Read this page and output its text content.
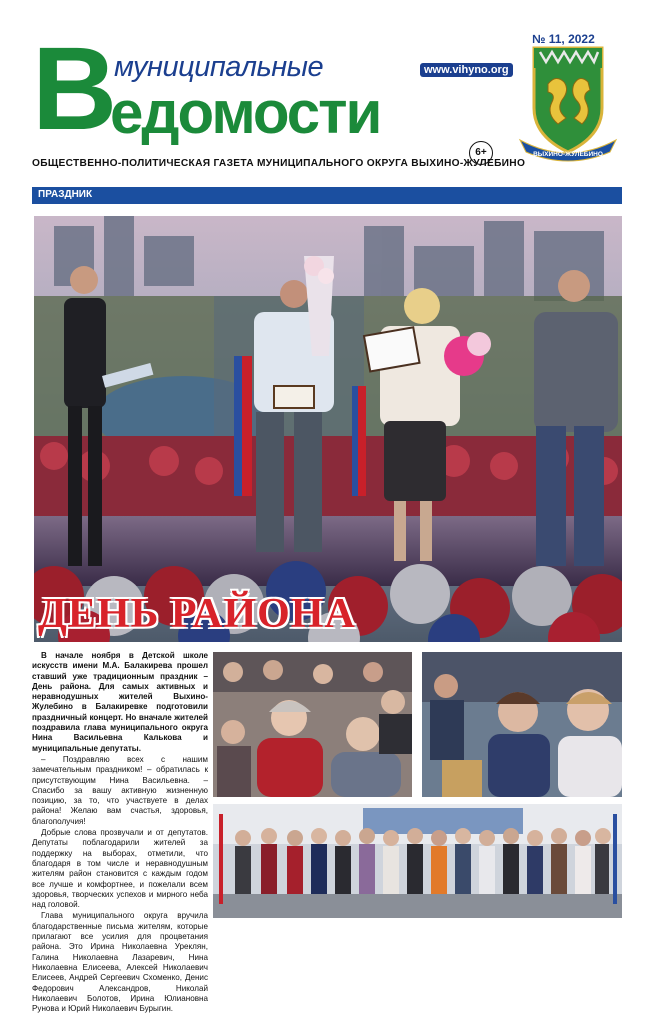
В муниципальные
едомости
www.vihyno.org
6+
№ 11, 2022
ВЫХИНО-ЖУЛЕБИНО
ОБЩЕСТВЕННО-ПОЛИТИЧЕСКАЯ ГАЗЕТА МУНИЦИПАЛЬНОГО ОКРУГА ВЫХИНО-ЖУЛЕБИНО
ПРАЗДНИК
ДЕНЬ РАЙОНА

В начале ноября в Детской школе искусств имени М.А. Балакирева прошел ставший уже традиционным праздник – День района. Для самых активных и неравнодушных жителей Выхино-Жулебино в Балакиревке подготовили праздничный концерт. Но вначале жителей поздравила глава муниципального округа Нина Васильевна Калькова и муниципальные депутаты.

– Поздравляю всех с нашим замечательным праздником! – обратилась к присутствующим Нина Васильевна. – Спасибо за вашу активную жизненную позицию, за то, что участвуете в делах района! Желаю вам счастья, здоровья, благополучия!

Добрые слова прозвучали и от депутатов. Депутаты поблагодарили жителей за поддержку на выборах, отметили, что благодаря в том числе и неравнодушным жителям район становится с каждым годом все лучше и комфортнее, и пожелали всем здоровья, творческих успехов и мирного неба над головой.

Глава муниципального округа вручила благодарственные письма жителям, которые прилагают все усилия для процветания района. Это Ирина Николаевна Уреклян, Галина Николаевна Лазаревич, Нина Николаевна Елисеева, Алексей Николаевич Елисеев, Андрей Сергеевич Схоменко, Денис Федорович Александров, Николай Николаевич Болотов, Ирина Юлиановна Рунова и Юрий Николаевич Бурыгин.
